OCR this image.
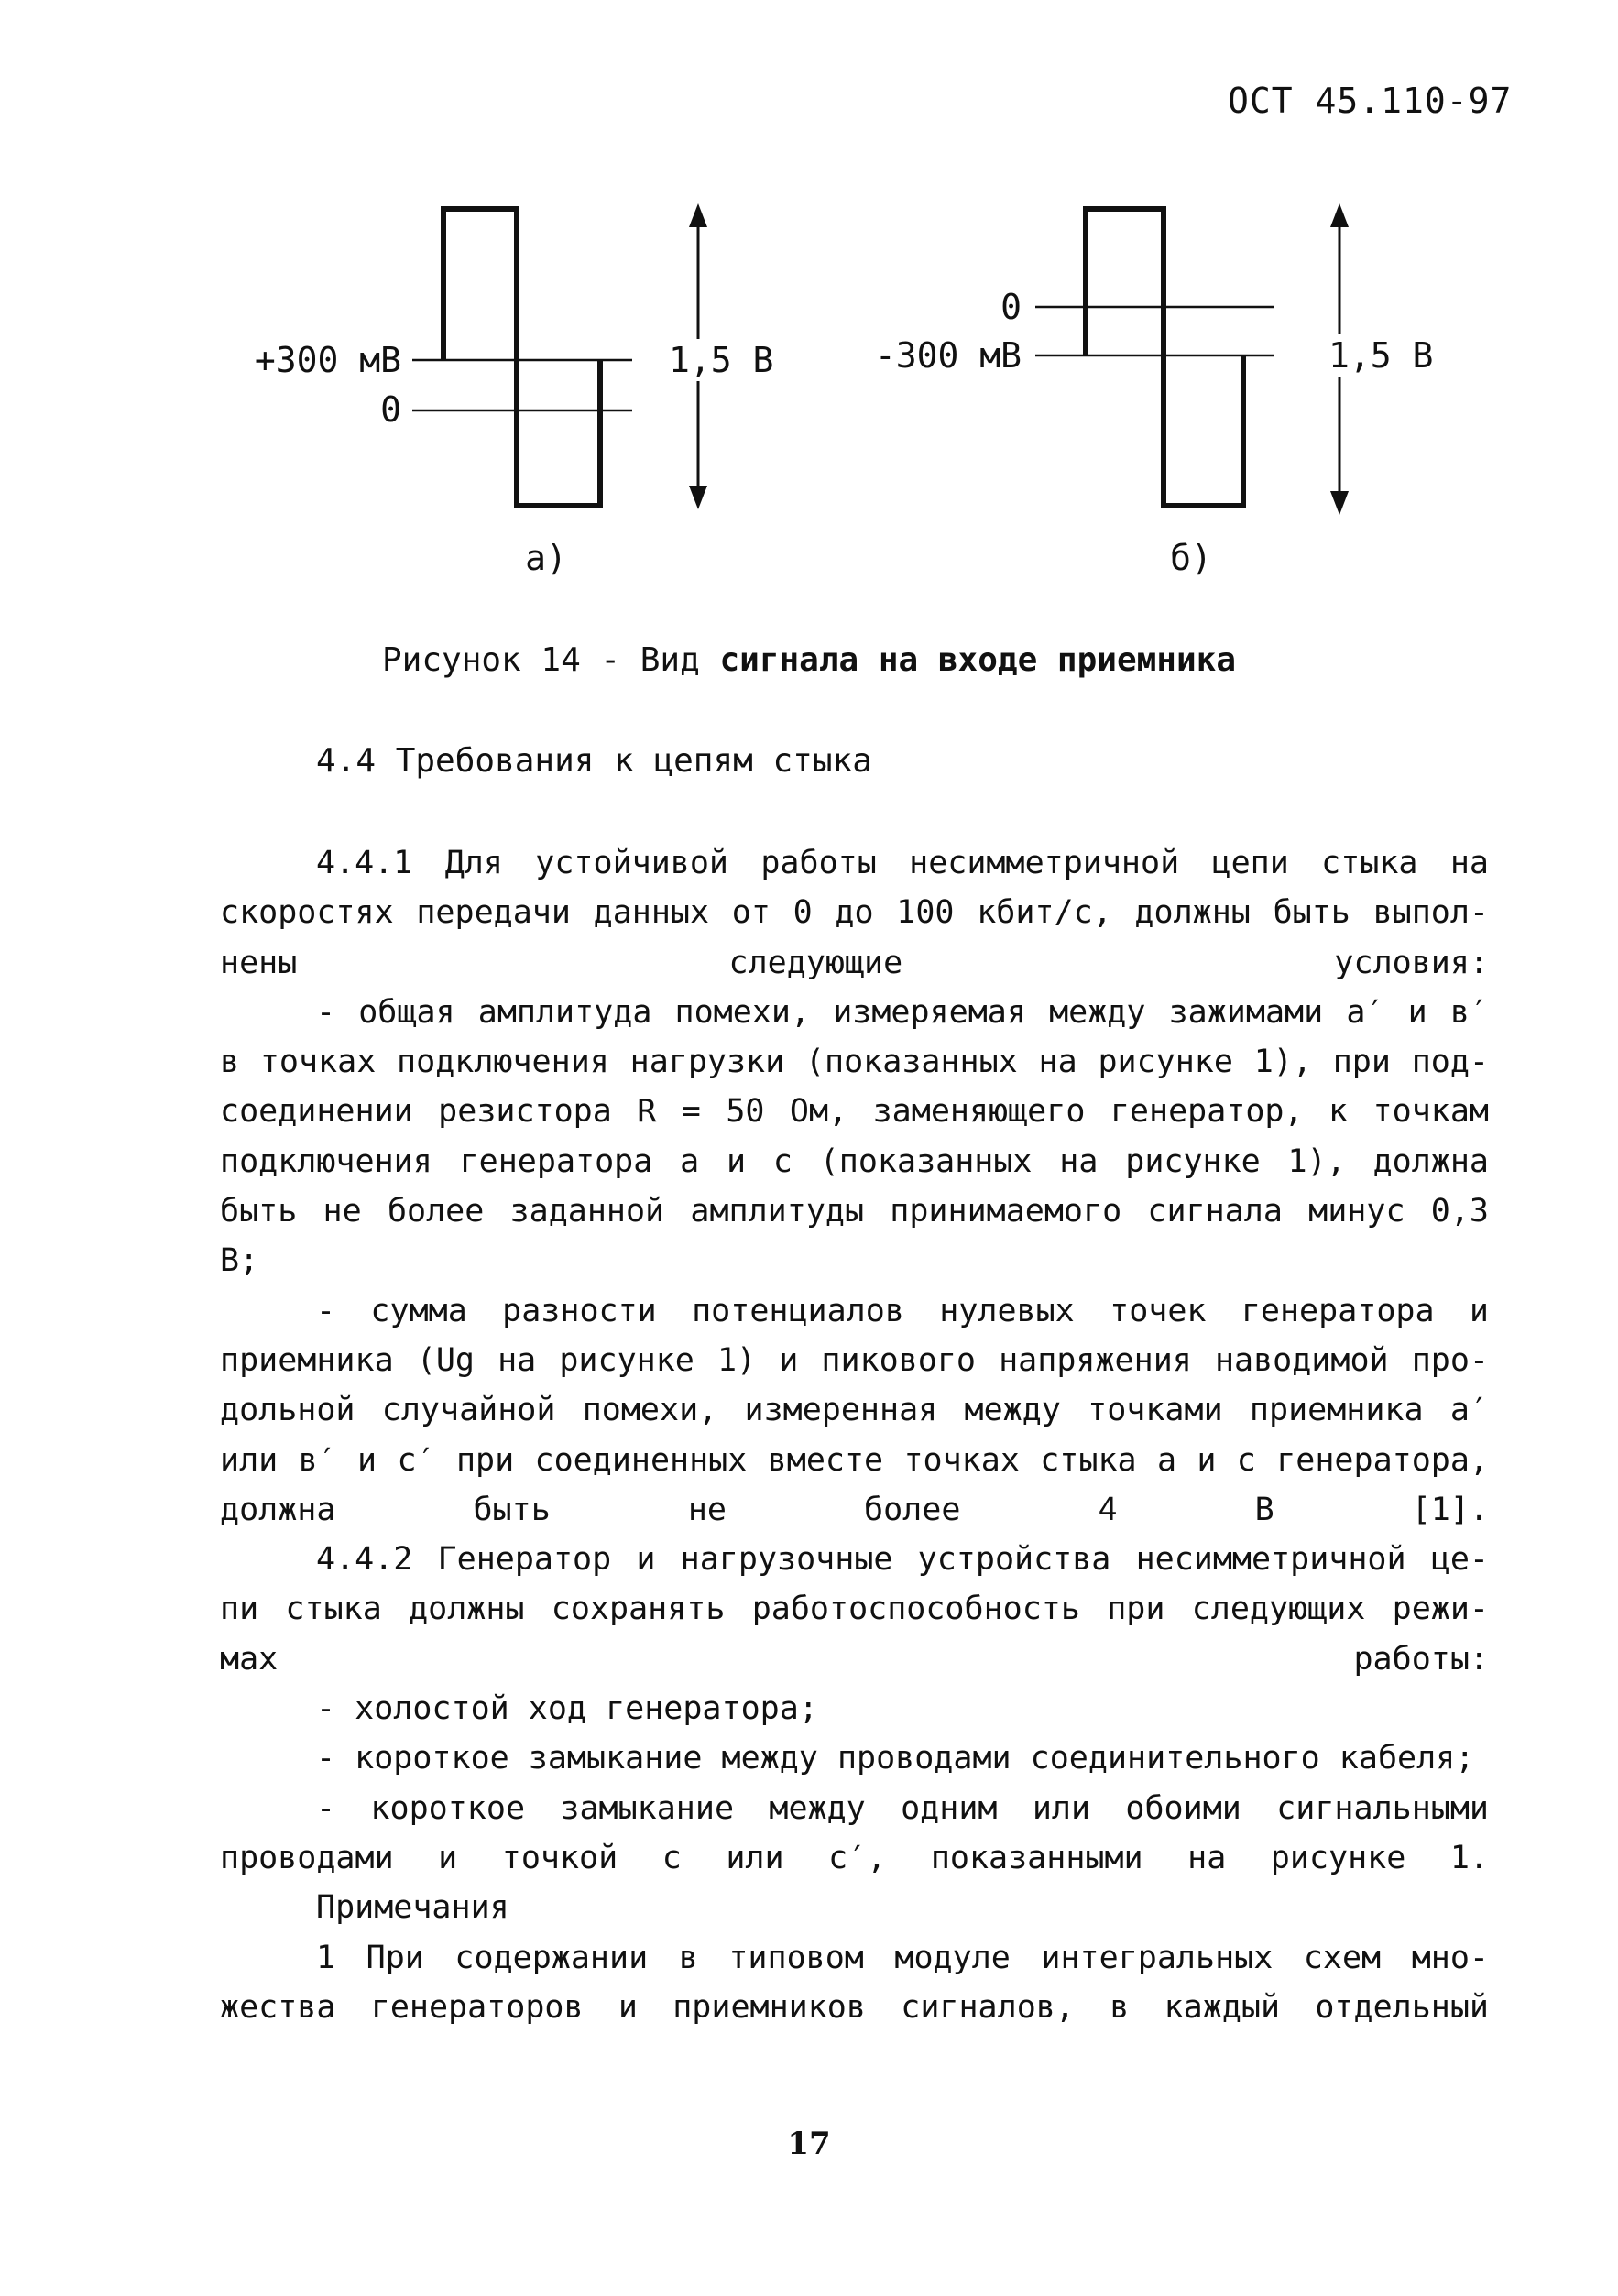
ОСТ 45.110-97
+300 мВ
0
1,5 В
а)
0
-300 мВ	1,5 В
б)
Рисунок 14 - Вид сигнала на входе приемника
4.4 Требования к цепям стыка

4.4.1 Для устойчивой работы несимметричной цепи стыка на
скоростях передачи данных от 0 до 100 кбит/с, должны быть выпол-
нены следующие условия:

- общая амплитуда помехи, измеряемая между зажимами а′ и в′
в точках подключения нагрузки (показанных на рисунке 1), при под-
соединении резистора R = 50 Ом, заменяющего генератор, к точкам
подключения генератора а и с (показанных на рисунке 1), должна
быть не более заданной амплитуды принимаемого сигнала минус 0,3 В;

- сумма разности потенциалов нулевых точек генератора и
приемника (Ug на рисунке 1) и пикового напряжения наводимой про-
дольной случайной помехи, измеренная между точками приемника а′
или в′ и с′ при соединенных вместе точках стыка а и с генератора,
должна быть не более 4 В [1].

4.4.2 Генератор и нагрузочные устройства несимметричной це-
пи стыка должны сохранять работоспособность при следующих режи-
мах работы:

- холостой ход генератора;

- короткое замыкание между проводами соединительного кабеля;

- короткое замыкание между одним или обоими сигнальными
проводами и точкой с или с′, показанными на рисунке 1.

Примечания

1 При содержании в типовом модуле интегральных схем мно-
жества генераторов и приемников сигналов, в каждый отдельный

17
